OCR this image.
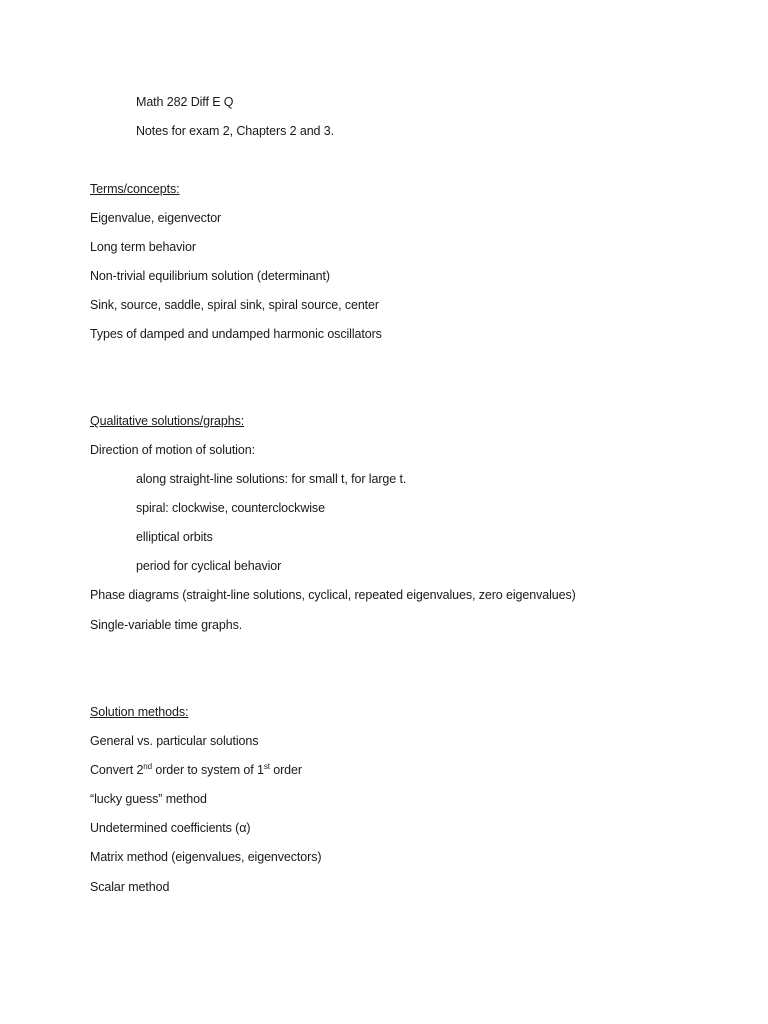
Math 282 Diff E Q
Notes for exam 2, Chapters 2 and 3.
Terms/concepts:
Eigenvalue, eigenvector
Long term behavior
Non-trivial equilibrium solution (determinant)
Sink, source, saddle, spiral sink, spiral source, center
Types of damped and undamped harmonic oscillators
Qualitative solutions/graphs:
Direction of motion of solution:
along straight-line solutions: for small t, for large t.
spiral: clockwise, counterclockwise
elliptical orbits
period for cyclical behavior
Phase diagrams (straight-line solutions, cyclical, repeated eigenvalues, zero eigenvalues)
Single-variable time graphs.
Solution methods:
General vs. particular solutions
Convert 2nd order to system of 1st order
“lucky guess” method
Undetermined coefficients (α)
Matrix method (eigenvalues, eigenvectors)
Scalar method
